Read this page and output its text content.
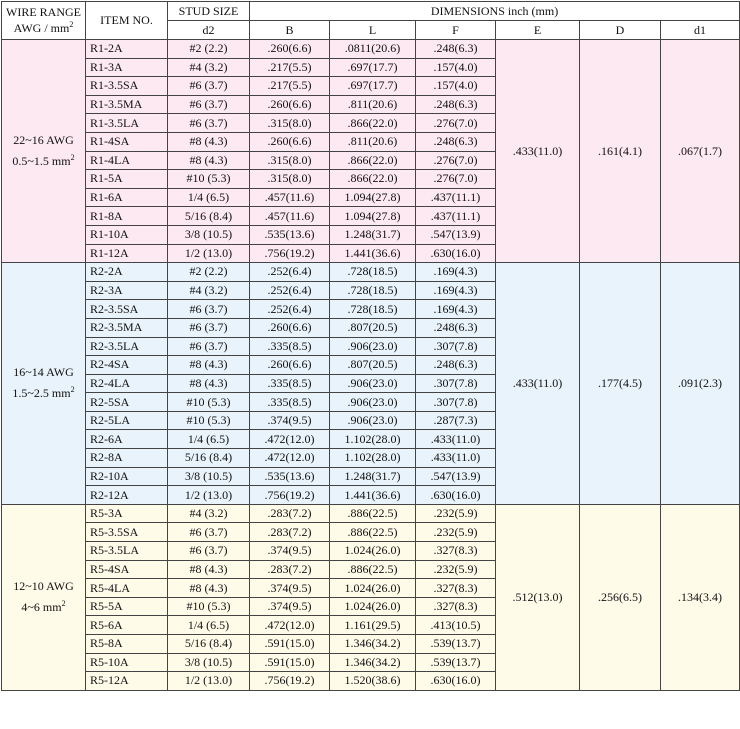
WIRE RANGE
AWG / $mm^2$	ITEM NO.	STUD SIZE	DIMENSIONS inch (mm)					
		d2	B	L	F	E	D	d1
22~16 AWG
0.5~1.5 $mm^2$	R1-2A	#2 (2.2)	.260(6.6)	.0811(20.6)	.248(6.3)	.433(11.0)	.161(4.1)	.067(1.7)
	R1-3A	#4 (3.2)	.217(5.5)	.697(17.7)	.157(4.0)			
	R1-3.5SA	#6 (3.7)	.217(5.5)	.697(17.7)	.157(4.0)			
	R1-3.5MA	#6 (3.7)	.260(6.6)	.811(20.6)	.248(6.3)			
	R1-3.5LA	#6 (3.7)	.315(8.0)	.866(22.0)	.276(7.0)			
	R1-4SA	#8 (4.3)	.260(6.6)	.811(20.6)	.248(6.3)			
	R1-4LA	#8 (4.3)	.315(8.0)	.866(22.0)	.276(7.0)			
	R1-5A	#10 (5.3)	.315(8.0)	.866(22.0)	.276(7.0)			
	R1-6A	1/4 (6.5)	.457(11.6)	1.094(27.8)	.437(11.1)			
	R1-8A	5/16 (8.4)	.457(11.6)	1.094(27.8)	.437(11.1)			
	R1-10A	3/8 (10.5)	.535(13.6)	1.248(31.7)	.547(13.9)			
	R1-12A	1/2 (13.0)	.756(19.2)	1.441(36.6)	.630(16.0)			
16~14 AWG
1.5~2.5 $mm^2$	R2-2A	#2 (2.2)	.252(6.4)	.728(18.5)	.169(4.3)	.433(11.0)	.177(4.5)	.091(2.3)
	R2-3A	#4 (3.2)	.252(6.4)	.728(18.5)	.169(4.3)			
	R2-3.5SA	#6 (3.7)	.252(6.4)	.728(18.5)	.169(4.3)			
	R2-3.5MA	#6 (3.7)	.260(6.6)	.807(20.5)	.248(6.3)			
	R2-3.5LA	#6 (3.7)	.335(8.5)	.906(23.0)	.307(7.8)			
	R2-4SA	#8 (4.3)	.260(6.6)	.807(20.5)	.248(6.3)			
	R2-4LA	#8 (4.3)	.335(8.5)	.906(23.0)	.307(7.8)			
	R2-5SA	#10 (5.3)	.335(8.5)	.906(23.0)	.307(7.8)			
	R2-5LA	#10 (5.3)	.374(9.5)	.906(23.0)	.287(7.3)			
	R2-6A	1/4 (6.5)	.472(12.0)	1.102(28.0)	.433(11.0)			
	R2-8A	5/16 (8.4)	.472(12.0)	1.102(28.0)	.433(11.0)			
	R2-10A	3/8 (10.5)	.535(13.6)	1.248(31.7)	.547(13.9)			
	R2-12A	1/2 (13.0)	.756(19.2)	1.441(36.6)	.630(16.0)			
12~10 AWG
4~6 $mm^2$	R5-3A	#4 (3.2)	.283(7.2)	.886(22.5)	.232(5.9)	.512(13.0)	.256(6.5)	.134(3.4)
	R5-3.5SA	#6 (3.7)	.283(7.2)	.886(22.5)	.232(5.9)			
	R5-3.5LA	#6 (3.7)	.374(9.5)	1.024(26.0)	.327(8.3)			
	R5-4SA	#8 (4.3)	.283(7.2)	.886(22.5)	.232(5.9)			
	R5-4LA	#8 (4.3)	.374(9.5)	1.024(26.0)	.327(8.3)			
	R5-5A	#10 (5.3)	.374(9.5)	1.024(26.0)	.327(8.3)			
	R5-6A	1/4 (6.5)	.472(12.0)	1.161(29.5)	.413(10.5)			
	R5-8A	5/16 (8.4)	.591(15.0)	1.346(34.2)	.539(13.7)			
	R5-10A	3/8 (10.5)	.591(15.0)	1.346(34.2)	.539(13.7)			
	R5-12A	1/2 (13.0)	.756(19.2)	1.520(38.6)	.630(16.0)			
